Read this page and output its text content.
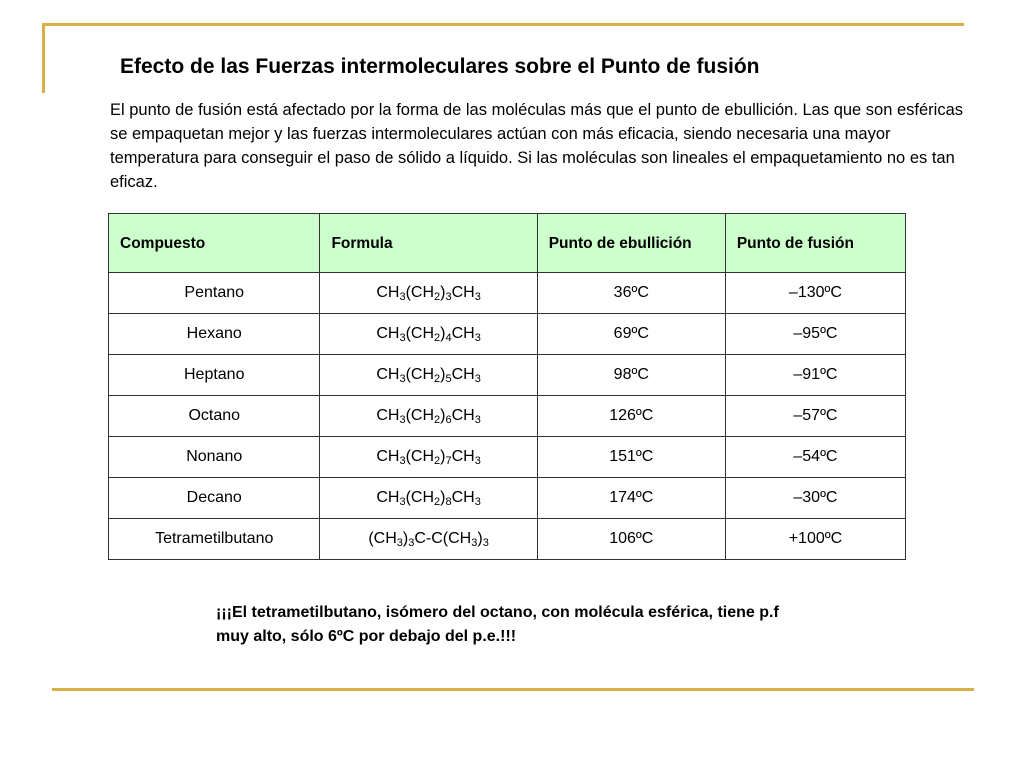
Efecto de las Fuerzas intermoleculares sobre el Punto de fusión
El punto de fusión está afectado por la forma de las moléculas más que el punto de ebullición. Las que son esféricas se empaquetan mejor y las fuerzas intermoleculares actúan con más eficacia, siendo necesaria una mayor temperatura para conseguir el paso de sólido a líquido. Si las moléculas son lineales el empaquetamiento no es tan eficaz.
Compuesto	Formula	Punto de ebullición	Punto de fusión
Pentano	$CH_3(CH_2)_3CH_3$	36ºC	–130ºC
Hexano	$CH_3(CH_2)_4CH_3$	69ºC	–95ºC
Heptano	$CH_3(CH_2)_5CH_3$	98ºC	–91ºC
Octano	$CH_3(CH_2)_6CH_3$	126ºC	–57ºC
Nonano	$CH_3(CH_2)_7CH_3$	151ºC	–54ºC
Decano	$CH_3(CH_2)_8CH_3$	174ºC	–30ºC
Tetrametilbutano	$(CH_3)_3C-C(CH_3)_3$	106ºC	+100ºC
¡¡¡El tetrametilbutano, isómero del octano, con molécula esférica, tiene p.f muy alto, sólo 6ºC por debajo del p.e.!!!
